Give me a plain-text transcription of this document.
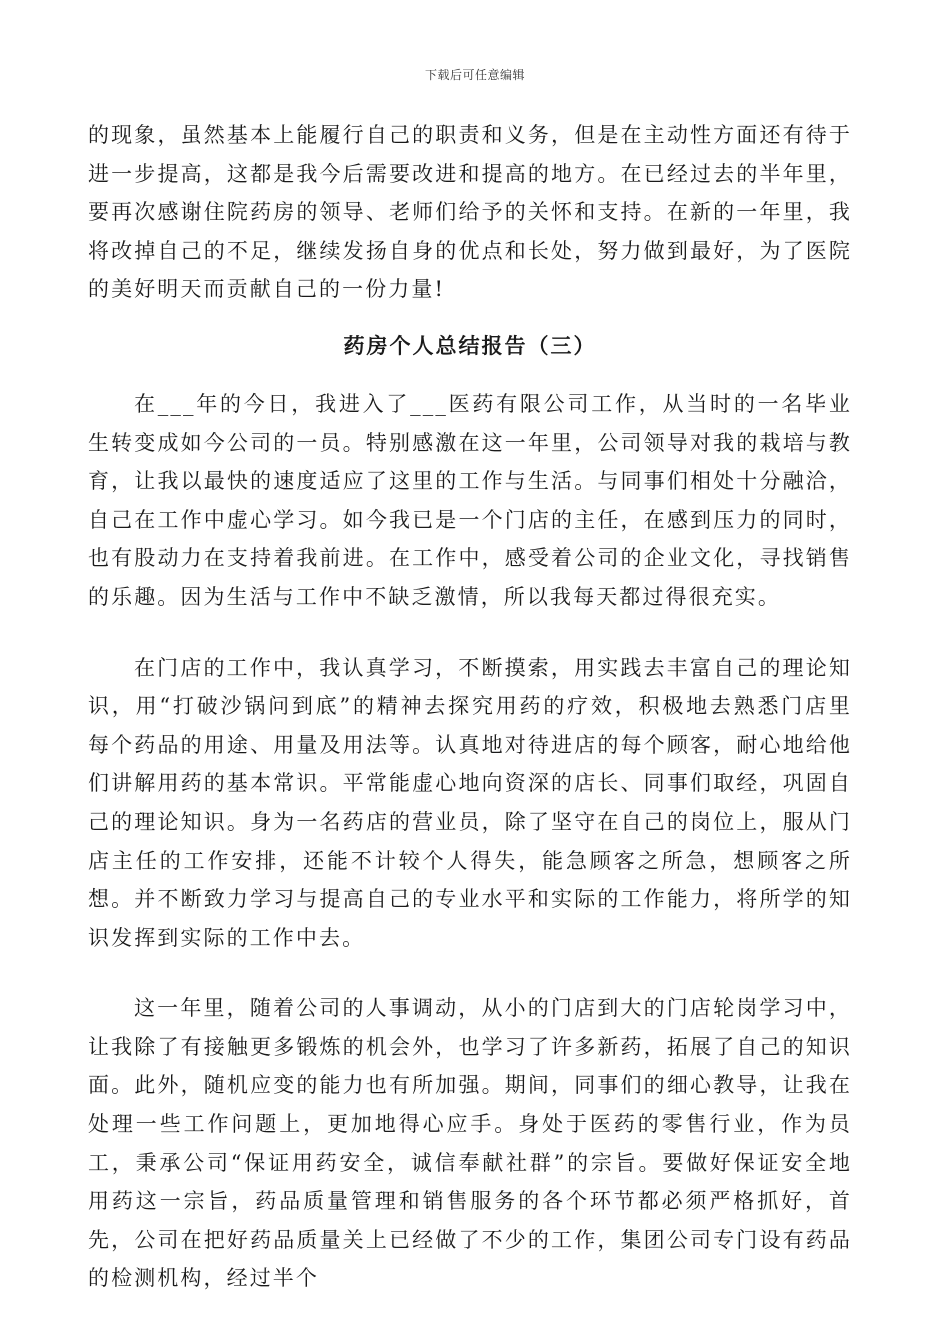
下载后可任意编辑

的现象，虽然基本上能履行自己的职责和义务，但是在主动性方面还有待于进一步提高，这都是我今后需要改进和提高的地方。在已经过去的半年里，要再次感谢住院药房的领导、老师们给予的关怀和支持。在新的一年里，我将改掉自己的不足，继续发扬自身的优点和长处，努力做到最好，为了医院的美好明天而贡献自己的一份力量!

药房个人总结报告（三）

在___年的今日，我进入了___医药有限公司工作，从当时的一名毕业生转变成如今公司的一员。特别感激在这一年里，公司领导对我的栽培与教育，让我以最快的速度适应了这里的工作与生活。与同事们相处十分融洽，自己在工作中虚心学习。如今我已是一个门店的主任，在感到压力的同时，也有股动力在支持着我前进。在工作中，感受着公司的企业文化，寻找销售的乐趣。因为生活与工作中不缺乏激情，所以我每天都过得很充实。

在门店的工作中，我认真学习，不断摸索，用实践去丰富自己的理论知识，用“打破沙锅问到底”的精神去探究用药的疗效，积极地去熟悉门店里每个药品的用途、用量及用法等。认真地对待进店的每个顾客，耐心地给他们讲解用药的基本常识。平常能虚心地向资深的店长、同事们取经，巩固自己的理论知识。身为一名药店的营业员，除了坚守在自己的岗位上，服从门店主任的工作安排，还能不计较个人得失，能急顾客之所急，想顾客之所想。并不断致力学习与提高自己的专业水平和实际的工作能力，将所学的知识发挥到实际的工作中去。

这一年里，随着公司的人事调动，从小的门店到大的门店轮岗学习中，让我除了有接触更多锻炼的机会外，也学习了许多新药，拓展了自己的知识面。此外，随机应变的能力也有所加强。期间，同事们的细心教导，让我在处理一些工作问题上，更加地得心应手。身处于医药的零售行业，作为员工，秉承公司“保证用药安全，诚信奉献社群”的宗旨。要做好保证安全地用药这一宗旨，药品质量管理和销售服务的各个环节都必须严格抓好，首先，公司在把好药品质量关上已经做了不少的工作，集团公司专门设有药品的检测机构，经过半个
